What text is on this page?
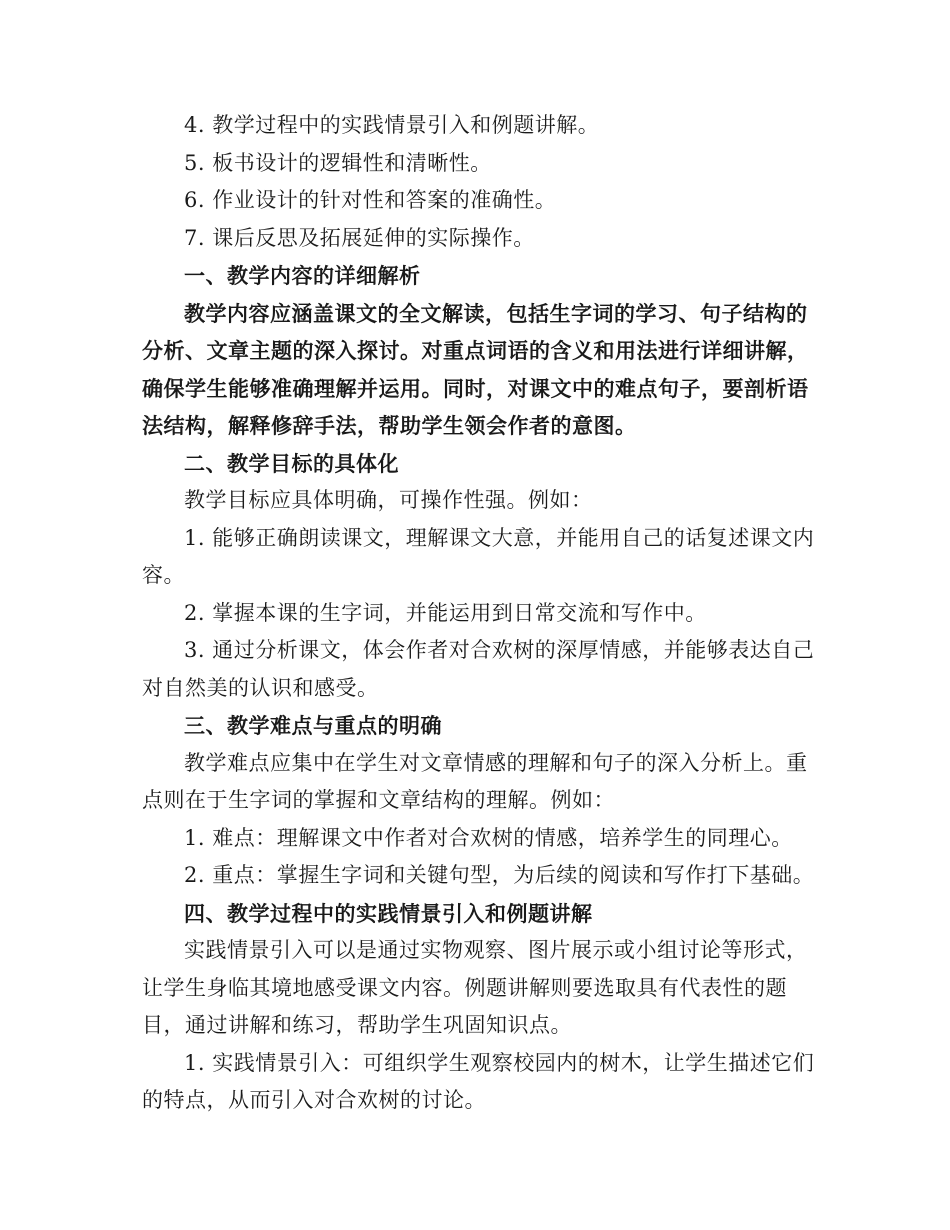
4. 教学过程中的实践情景引入和例题讲解。

5. 板书设计的逻辑性和清晰性。

6. 作业设计的针对性和答案的准确性。

7. 课后反思及拓展延伸的实际操作。

一、教学内容的详细解析

教学内容应涵盖课文的全文解读，包括生字词的学习、句子结构的分析、文章主题的深入探讨。对重点词语的含义和用法进行详细讲解，确保学生能够准确理解并运用。同时，对课文中的难点句子，要剖析语法结构，解释修辞手法，帮助学生领会作者的意图。

二、教学目标的具体化

教学目标应具体明确，可操作性强。例如：

1. 能够正确朗读课文，理解课文大意，并能用自己的话复述课文内容。

2. 掌握本课的生字词，并能运用到日常交流和写作中。

3. 通过分析课文，体会作者对合欢树的深厚情感，并能够表达自己对自然美的认识和感受。

三、教学难点与重点的明确

教学难点应集中在学生对文章情感的理解和句子的深入分析上。重点则在于生字词的掌握和文章结构的理解。例如：

1. 难点：理解课文中作者对合欢树的情感，培养学生的同理心。

2. 重点：掌握生字词和关键句型，为后续的阅读和写作打下基础。

四、教学过程中的实践情景引入和例题讲解

实践情景引入可以是通过实物观察、图片展示或小组讨论等形式，让学生身临其境地感受课文内容。例题讲解则要选取具有代表性的题目，通过讲解和练习，帮助学生巩固知识点。

1. 实践情景引入：可组织学生观察校园内的树木，让学生描述它们的特点，从而引入对合欢树的讨论。
